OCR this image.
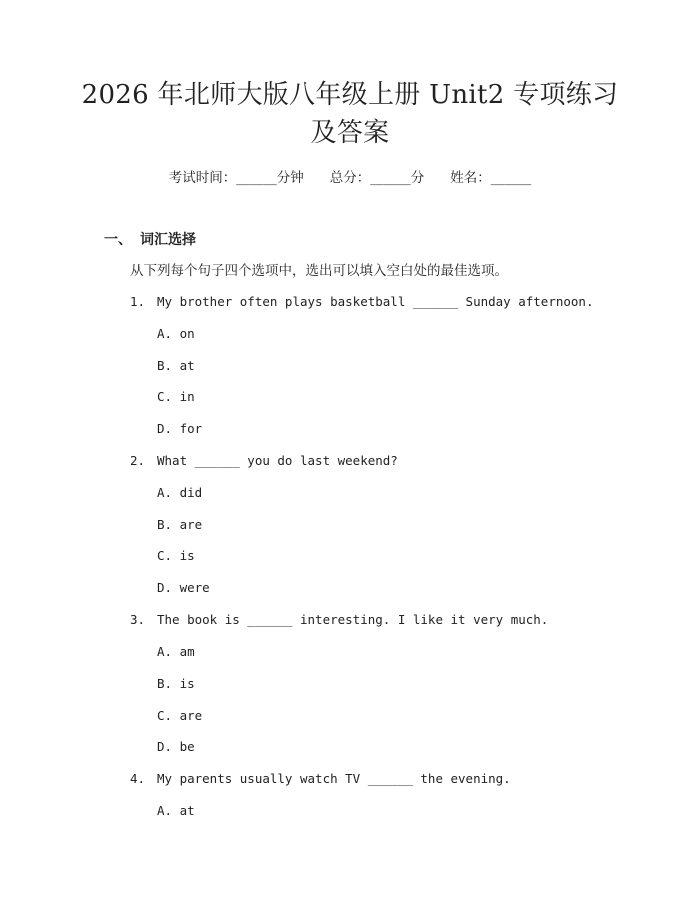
2026 年北师大版八年级上册 Unit2 专项练习
及答案
考试时间：______分钟 总分：______分 姓名：______
一、 词汇选择
从下列每个句子四个选项中，选出可以填入空白处的最佳选项。
1. My brother often plays basketball ______ Sunday afternoon.
A. on
B. at
C. in
D. for
2. What ______ you do last weekend?
A. did
B. are
C. is
D. were
3. The book is ______ interesting. I like it very much.
A. am
B. is
C. are
D. be
4. My parents usually watch TV ______ the evening.
A. at
